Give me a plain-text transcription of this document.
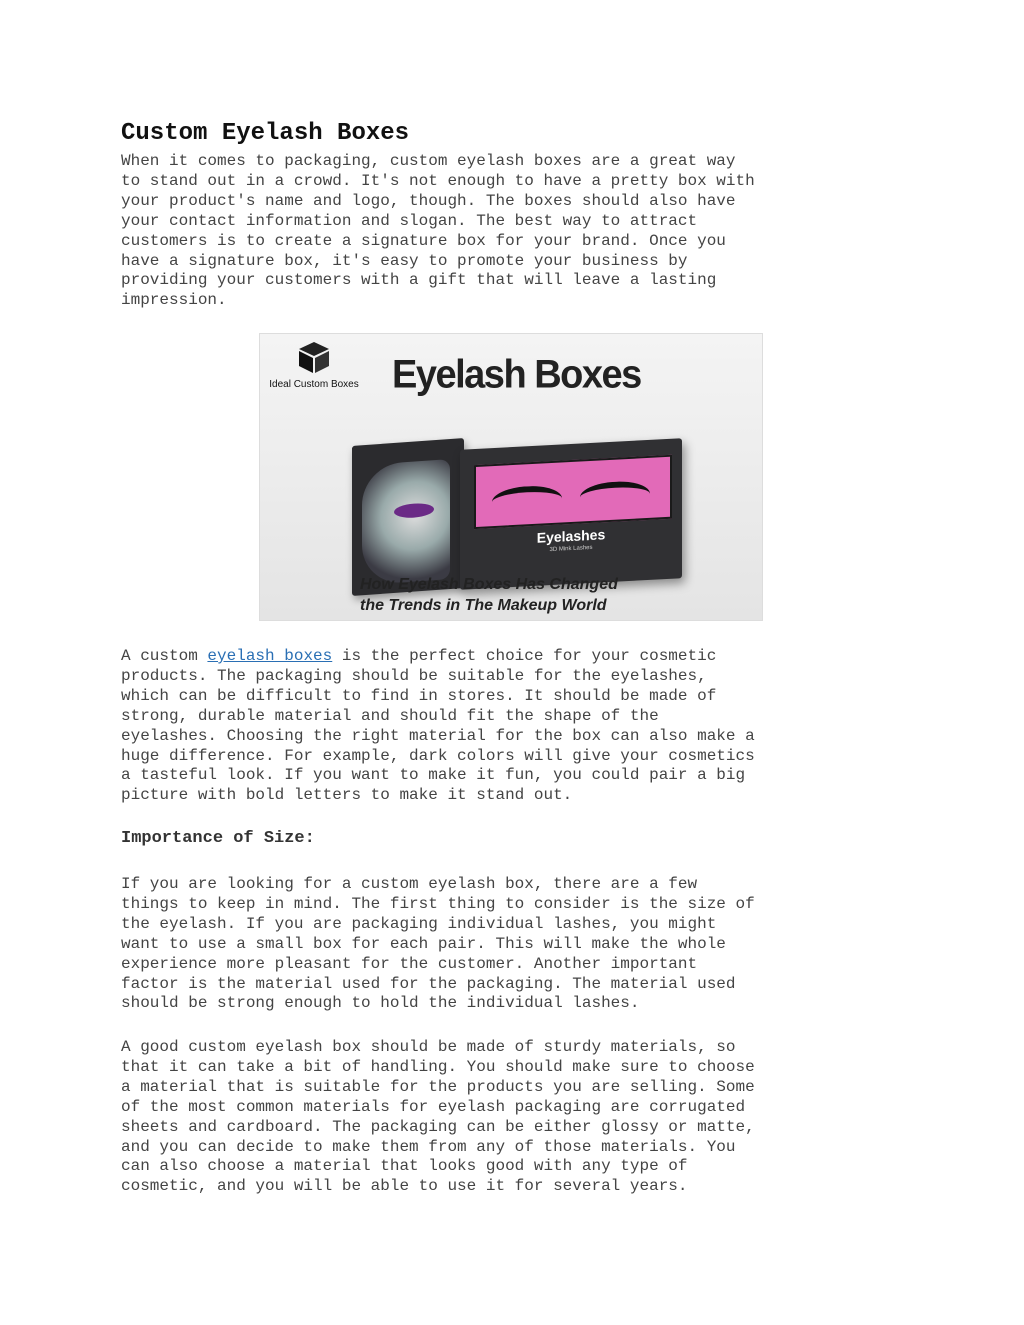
Custom Eyelash Boxes

When it comes to packaging, custom eyelash boxes are a great way
to stand out in a crowd. It's not enough to have a pretty box with
your product's name and logo, though. The boxes should also have
your contact information and slogan. The best way to attract
customers is to create a signature box for your brand. Once you
have a signature box, it's easy to promote your business by
providing your customers with a gift that will leave a lasting
impression.

Ideal Custom Boxes Eyelash Boxes
Eyelashes
3D Mink Lashes
How Eyelash Boxes Has Changed
the Trends in The Makeup World

A custom eyelash boxes is the perfect choice for your cosmetic
products. The packaging should be suitable for the eyelashes,
which can be difficult to find in stores. It should be made of
strong, durable material and should fit the shape of the
eyelashes. Choosing the right material for the box can also make a
huge difference. For example, dark colors will give your cosmetics
a tasteful look. If you want to make it fun, you could pair a big
picture with bold letters to make it stand out.

Importance of Size:

If you are looking for a custom eyelash box, there are a few
things to keep in mind. The first thing to consider is the size of
the eyelash. If you are packaging individual lashes, you might
want to use a small box for each pair. This will make the whole
experience more pleasant for the customer. Another important
factor is the material used for the packaging. The material used
should be strong enough to hold the individual lashes.

A good custom eyelash box should be made of sturdy materials, so
that it can take a bit of handling. You should make sure to choose
a material that is suitable for the products you are selling. Some
of the most common materials for eyelash packaging are corrugated
sheets and cardboard. The packaging can be either glossy or matte,
and you can decide to make them from any of those materials. You
can also choose a material that looks good with any type of
cosmetic, and you will be able to use it for several years.
